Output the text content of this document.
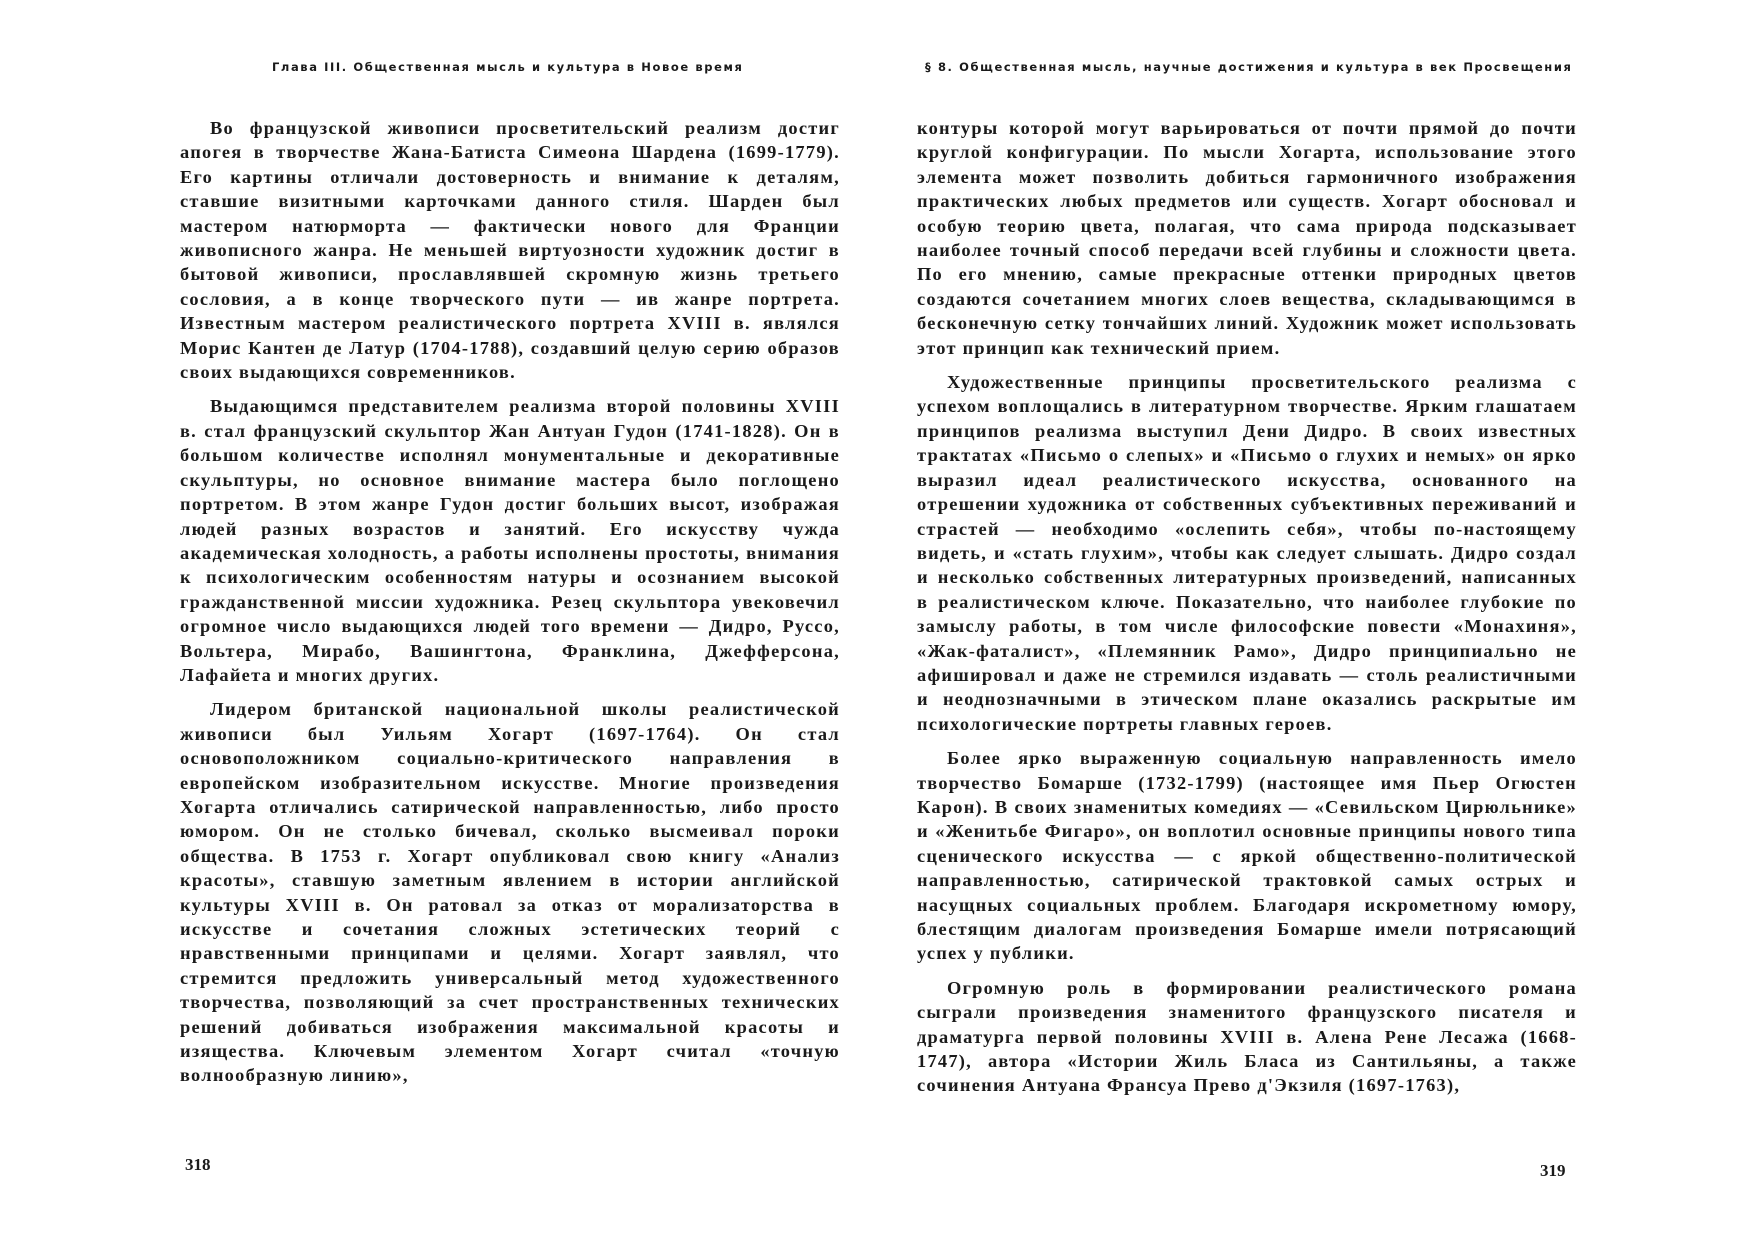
Глава III. Общественная мысль и культура в Новое время

Во французской живописи просветительский реализм достиг апогея в творчестве Жана-Батиста Симеона Шардена (1699-1779). Его картины отличали достоверность и внимание к деталям, ставшие визитными карточками данного стиля. Шарден был мастером натюрморта — фактически нового для Франции живописного жанра. Не меньшей виртуозности художник достиг в бытовой живописи, прославлявшей скромную жизнь третьего сословия, а в конце творческого пути — ив жанре портрета. Известным мастером реалистического портрета XVIII в. являлся Морис Кантен де Латур (1704-1788), создавший целую серию образов своих выдающихся современников.

Выдающимся представителем реализма второй половины XVIII в. стал французский скульптор Жан Антуан Гудон (1741-1828). Он в большом количестве исполнял монументальные и декоративные скульптуры, но основное внимание мастера было поглощено портретом. В этом жанре Гудон достиг больших высот, изображая людей разных возрастов и занятий. Его искусству чужда академическая холодность, а работы исполнены простоты, внимания к психологическим особенностям натуры и осознанием высокой гражданственной миссии художника. Резец скульптора увековечил огромное число выдающихся людей того времени — Дидро, Руссо, Вольтера, Мирабо, Вашингтона, Франклина, Джефферсона, Лафайета и многих других.

Лидером британской национальной школы реалистической живописи был Уильям Хогарт (1697-1764). Он стал основоположником социально-критического направления в европейском изобразительном искусстве. Многие произведения Хогарта отличались сатирической направленностью, либо просто юмором. Он не столько бичевал, сколько высмеивал пороки общества. В 1753 г. Хогарт опубликовал свою книгу «Анализ красоты», ставшую заметным явлением в истории английской культуры XVIII в. Он ратовал за отказ от морализаторства в искусстве и сочетания сложных эстетических теорий с нравственными принципами и целями. Хогарт заявлял, что стремится предложить универсальный метод художественного творчества, позволяющий за счет пространственных технических решений добиваться изображения максимальной красоты и изящества. Ключевым элементом Хогарт считал «точную волнообразную линию»,

318
§ 8. Общественная мысль, научные достижения и культура в век Просвещения

контуры которой могут варьироваться от почти прямой до почти круглой конфигурации. По мысли Хогарта, использование этого элемента может позволить добиться гармоничного изображения практических любых предметов или существ. Хогарт обосновал и особую теорию цвета, полагая, что сама природа подсказывает наиболее точный способ передачи всей глубины и сложности цвета. По его мнению, самые прекрасные оттенки природных цветов создаются сочетанием многих слоев вещества, складывающимся в бесконечную сетку тончайших линий. Художник может использовать этот принцип как технический прием.

Художественные принципы просветительского реализма с успехом воплощались в литературном творчестве. Ярким глашатаем принципов реализма выступил Дени Дидро. В своих известных трактатах «Письмо о слепых» и «Письмо о глухих и немых» он ярко выразил идеал реалистического искусства, основанного на отрешении художника от собственных субъективных переживаний и страстей — необходимо «ослепить себя», чтобы по-настоящему видеть, и «стать глухим», чтобы как следует слышать. Дидро создал и несколько собственных литературных произведений, написанных в реалистическом ключе. Показательно, что наиболее глубокие по замыслу работы, в том числе философские повести «Монахиня», «Жак-фаталист», «Племянник Рамо», Дидро принципиально не афишировал и даже не стремился издавать — столь реалистичными и неоднозначными в этическом плане оказались раскрытые им психологические портреты главных героев.

Более ярко выраженную социальную направленность имело творчество Бомарше (1732-1799) (настоящее имя Пьер Огюстен Карон). В своих знаменитых комедиях — «Севильском Цирюльнике» и «Женитьбе Фигаро», он воплотил основные принципы нового типа сценического искусства — с яркой общественно-политической направленностью, сатирической трактовкой самых острых и насущных социальных проблем. Благодаря искрометному юмору, блестящим диалогам произведения Бомарше имели потрясающий успех у публики.

Огромную роль в формировании реалистического романа сыграли произведения знаменитого французского писателя и драматурга первой половины XVIII в. Алена Рене Лесажа (1668-1747), автора «Истории Жиль Бласа из Сантильяны, а также сочинения Антуана Франсуа Прево д'Экзиля (1697-1763),

319
